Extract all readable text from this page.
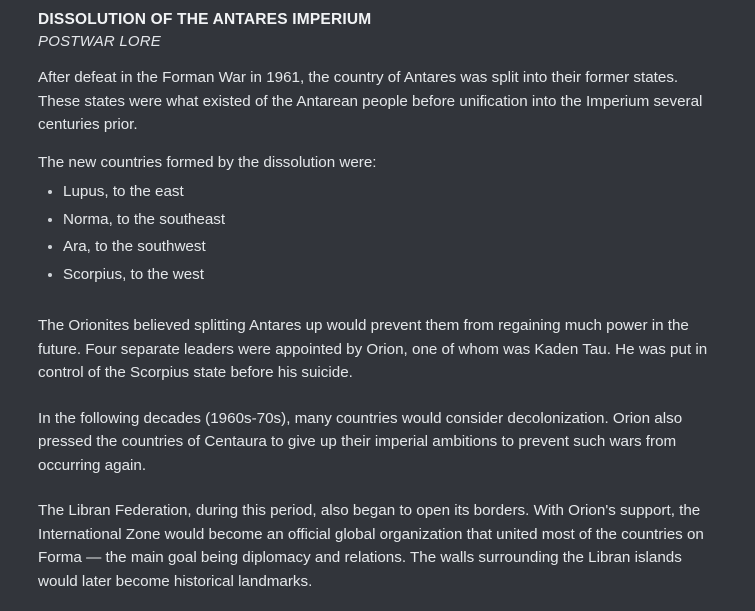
DISSOLUTION OF THE ANTARES IMPERIUM
POSTWAR LORE

After defeat in the Forman War in 1961, the country of Antares was split into their former states. These states were what existed of the Antarean people before unification into the Imperium several centuries prior.

The new countries formed by the dissolution were:

Lupus, to the east
Norma, to the southeast
Ara, to the southwest
Scorpius, to the west

The Orionites believed splitting Antares up would prevent them from regaining much power in the future. Four separate leaders were appointed by Orion, one of whom was Kaden Tau. He was put in control of the Scorpius state before his suicide.

In the following decades (1960s-70s), many countries would consider decolonization. Orion also pressed the countries of Centaura to give up their imperial ambitions to prevent such wars from occurring again.

The Libran Federation, during this period, also began to open its borders. With Orion's support, the International Zone would become an official global organization that united most of the countries on Forma — the main goal being diplomacy and relations. The walls surrounding the Libran islands would later become historical landmarks.
